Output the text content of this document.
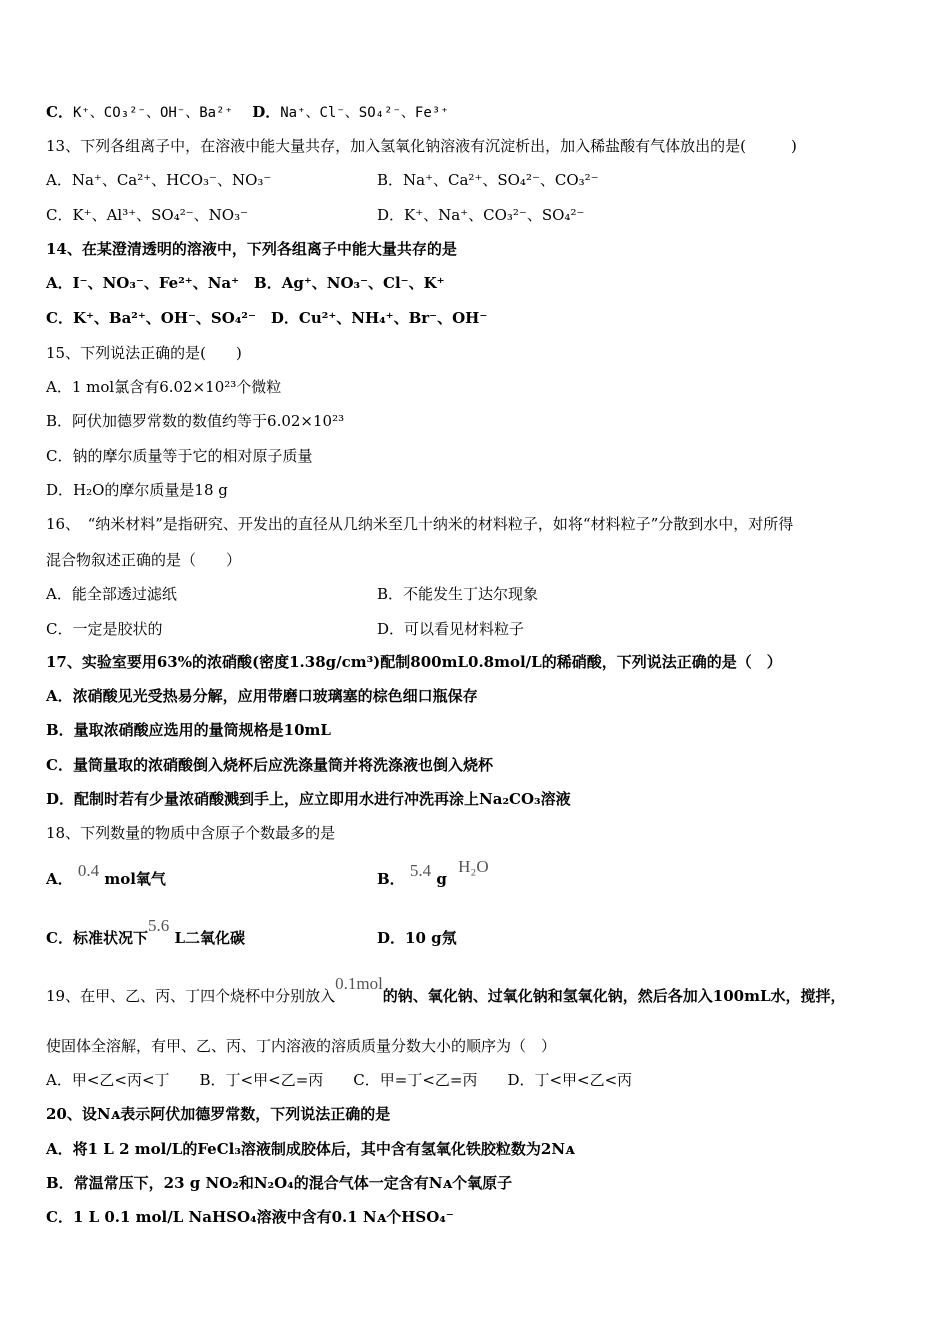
C．K⁺、CO₃²⁻、OH⁻、Ba²⁺ D．Na⁺、Cl⁻、SO₄²⁻、Fe³⁺
13、下列各组离子中，在溶液中能大量共存，加入氢氧化钠溶液有沉淀析出，加入稀盐酸有气体放出的是(　　　)
A．Na⁺、Ca²⁺、HCO₃⁻、NO₃⁻	B．Na⁺、Ca²⁺、SO₄²⁻、CO₃²⁻
C．K⁺、Al³⁺、SO₄²⁻、NO₃⁻	D．K⁺、Na⁺、CO₃²⁻、SO₄²⁻
14、在某澄清透明的溶液中，下列各组离子中能大量共存的是
A．I⁻、NO₃⁻、Fe²⁺、Na⁺　B．Ag⁺、NO₃⁻、Cl⁻、K⁺
C．K⁺、Ba²⁺、OH⁻、SO₄²⁻　D．Cu²⁺、NH₄⁺、Br⁻、OH⁻
15、下列说法正确的是(　　)
A．1 mol氯含有6.02×10²³个微粒
B．阿伏加德罗常数的数值约等于6.02×10²³
C．钠的摩尔质量等于它的相对原子质量
D．H₂O的摩尔质量是18 g
16、　“纳米材料”是指研究、开发出的直径从几纳米至几十纳米的材料粒子，如将“材料粒子”分散到水中，对所得
混合物叙述正确的是（　　）
A．能全部透过滤纸	B．不能发生丁达尔现象
C．一定是胶状的	D．可以看见材料粒子
17、实验室要用63%的浓硝酸(密度1.38g/cm³)配制800mL0.8mol/L的稀硝酸，下列说法正确的是（　）
A．浓硝酸见光受热易分解，应用带磨口玻璃塞的棕色细口瓶保存
B．量取浓硝酸应选用的量筒规格是10mL
C．量筒量取的浓硝酸倒入烧杯后应洗涤量筒并将洗涤液也倒入烧杯
D．配制时若有少量浓硝酸溅到手上，应立即用水进行冲洗再涂上Na₂CO₃溶液
18、下列数量的物质中含原子个数最多的是
A． 0.4 mol氧气	B． 5.4 g H₂O
C．标准状况下5.6 L二氧化碳	D．10 g氖
19、在甲、乙、丙、丁四个烧杯中分别放入0.1mol的钠、氧化钠、过氧化钠和氢氧化钠，然后各加入100mL水，搅拌，
使固体全溶解，有甲、乙、丙、丁内溶液的溶质质量分数大小的顺序为（　）
A．甲<乙<丙<丁　　B．丁<甲<乙=丙　　C．甲=丁<乙=丙　　D．丁<甲<乙<丙
20、设Nᴀ表示阿伏加德罗常数，下列说法正确的是
A．将1 L 2 mol/L的FeCl₃溶液制成胶体后，其中含有氢氧化铁胶粒数为2Nᴀ
B．常温常压下，23 g NO₂和N₂O₄的混合气体一定含有Nᴀ个氧原子
C．1 L 0.1 mol/L NaHSO₄溶液中含有0.1 Nᴀ个HSO₄⁻
